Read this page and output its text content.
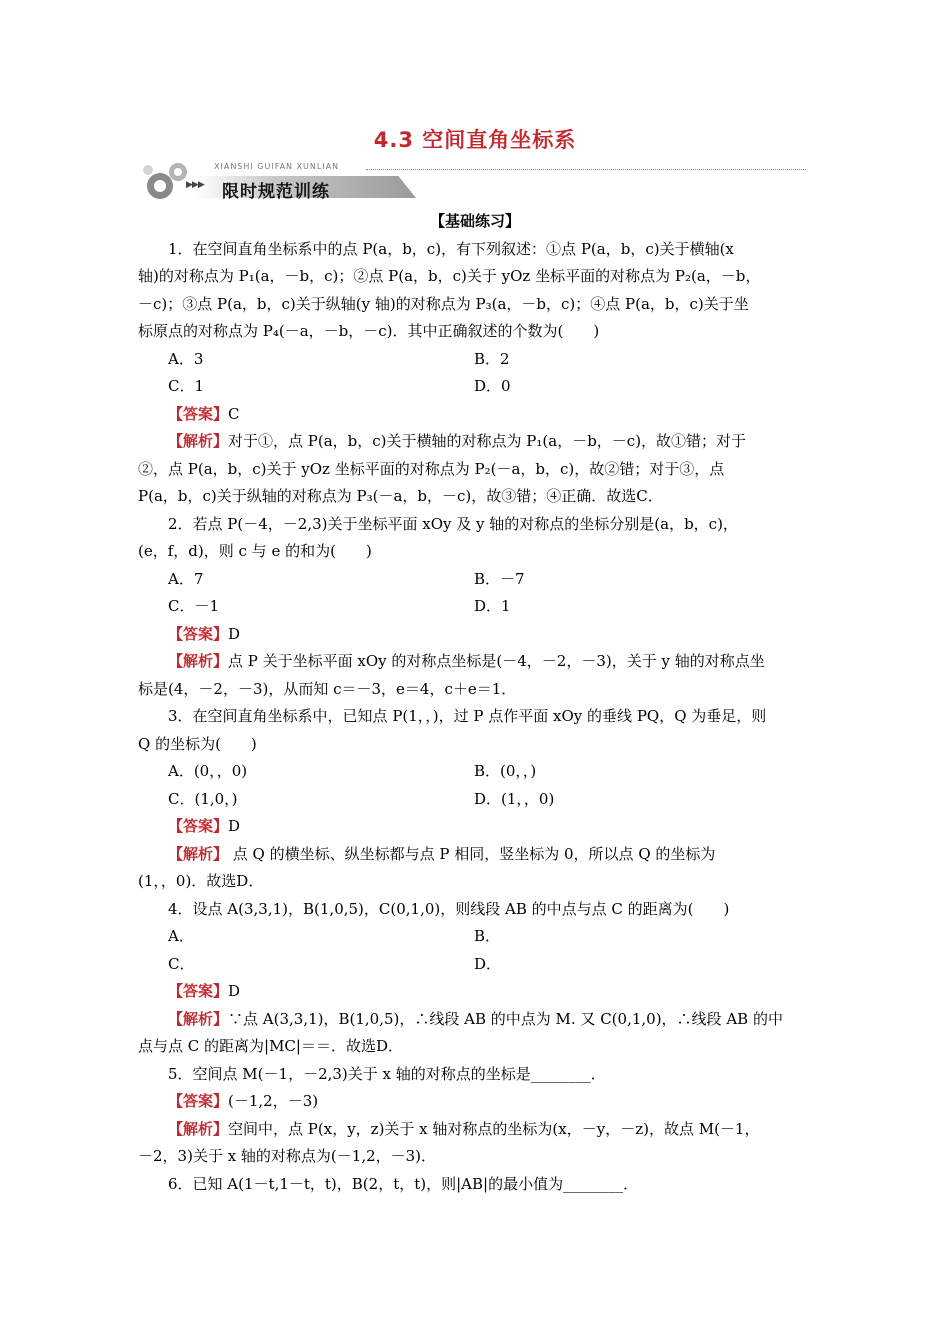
4.3 空间直角坐标系
XIANSHI GUIFAN XUNLIAN
▶▶▶ 限时规范训练
【基础练习】
1．在空间直角坐标系中的点 P(a，b，c)，有下列叙述：①点 P(a，b，c)关于横轴(x
轴)的对称点为 P₁(a，－b，c)；②点 P(a，b，c)关于 yOz 坐标平面的对称点为 P₂(a，－b，
－c)；③点 P(a，b，c)关于纵轴(y 轴)的对称点为 P₃(a，－b，c)；④点 P(a，b，c)关于坐
标原点的对称点为 P₄(－a，－b，－c)．其中正确叙述的个数为(　　)
A．3	B．2
C．1	D．0
【答案】C
【解析】对于①，点 P(a，b，c)关于横轴的对称点为 P₁(a，－b，－c)，故①错；对于
②，点 P(a，b，c)关于 yOz 坐标平面的对称点为 P₂(－a，b，c)，故②错；对于③，点
P(a，b，c)关于纵轴的对称点为 P₃(－a，b，－c)，故③错；④正确．故选C．
2．若点 P(－4，－2,3)关于坐标平面 xOy 及 y 轴的对称点的坐标分别是(a，b，c)，
(e，f，d)，则 c 与 e 的和为(　　)
A．7	B．－7
C．－1	D．1
【答案】D
【解析】点 P 关于坐标平面 xOy 的对称点坐标是(－4，－2，－3)，关于 y 轴的对称点坐
标是(4，－2，－3)，从而知 c＝－3，e＝4，c＋e＝1．
3．在空间直角坐标系中，已知点 P(1，，)，过 P 点作平面 xOy 的垂线 PQ，Q 为垂足，则
Q 的坐标为(　　)
A．(0，，0)	B．(0，，)
C．(1,0，)	D．(1，，0)
【答案】D
【解析】 点 Q 的横坐标、纵坐标都与点 P 相同，竖坐标为 0，所以点 Q 的坐标为
(1，，0)．故选D．
4．设点 A(3,3,1)，B(1,0,5)，C(0,1,0)，则线段 AB 的中点与点 C 的距离为(　　)
A．	B．
C．	D．
【答案】D
【解析】∵点 A(3,3,1)，B(1,0,5)，∴线段 AB 的中点为 M. 又 C(0,1,0)，∴线段 AB 的中
点与点 C 的距离为|MC|＝＝．故选D．
5．空间点 M(－1，－2,3)关于 x 轴的对称点的坐标是________．
【答案】(－1,2，－3)
【解析】空间中，点 P(x，y，z)关于 x 轴对称点的坐标为(x，－y，－z)，故点 M(－1，
－2，3)关于 x 轴的对称点为(－1,2，－3)．
6．已知 A(1－t,1－t，t)，B(2，t，t)，则|AB|的最小值为________．
